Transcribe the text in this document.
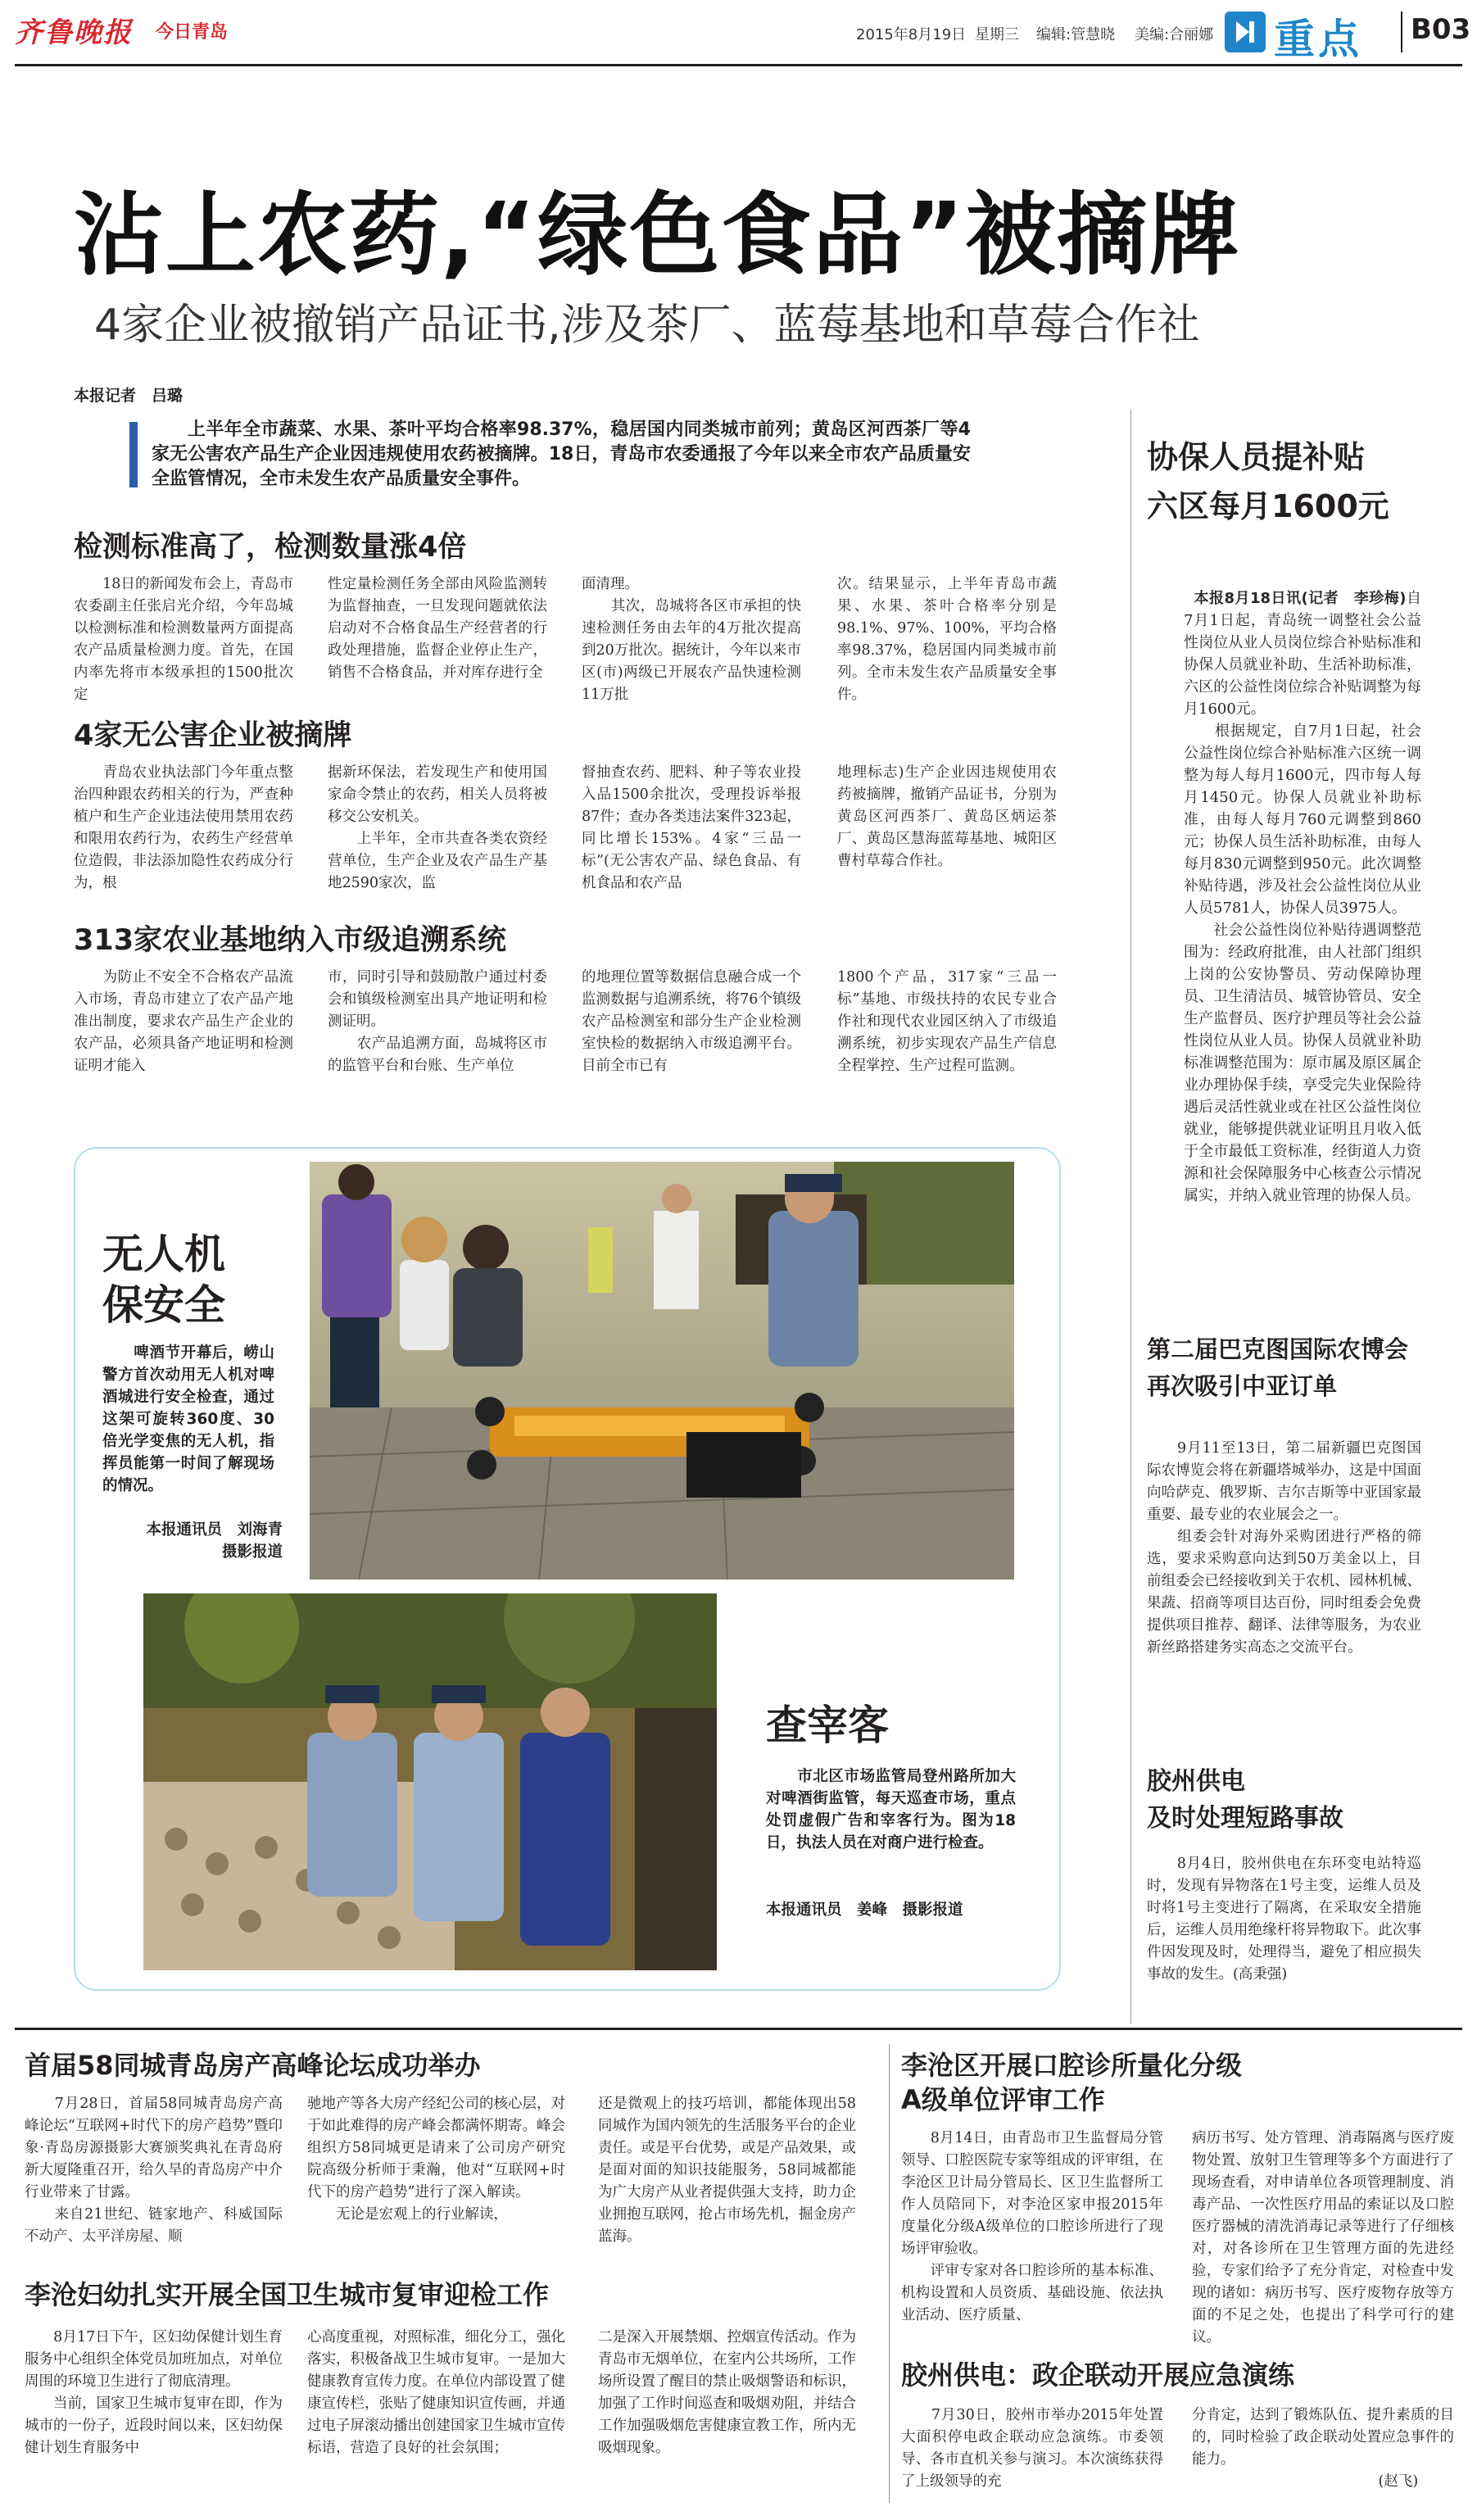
齐鲁晚报 今日青岛	2015年8月19日 星期三 编辑:管慧晓 美编:合丽娜 重点 B03
沾上农药,“绿色食品”被摘牌
4家企业被撤销产品证书,涉及茶厂、蓝莓基地和草莓合作社
本报记者　吕璐
上半年全市蔬菜、水果、茶叶平均合格率98.37%，稳居国内同类城市前列；黄岛区河西茶厂等4家无公害农产品生产企业因违规使用农药被摘牌。18日，青岛市农委通报了今年以来全市农产品质量安全监管情况，全市未发生农产品质量安全事件。
检测标准高了，检测数量涨4倍
　　18日的新闻发布会上，青岛市农委副主任张启光介绍，今年岛城以检测标准和检测数量两方面提高农产品质量检测力度。首先，在国内率先将市本级承担的1500批次定
性定量检测任务全部由风险监测转为监督抽查，一旦发现问题就依法启动对不合格食品生产经营者的行政处理措施，监督企业停止生产，销售不合格食品，并对库存进行全
面清理。
　　其次，岛城将各区市承担的快速检测任务由去年的4万批次提高到20万批次。据统计，今年以来市区(市)两级已开展农产品快速检测11万批
次。结果显示，上半年青岛市蔬果、水果、茶叶合格率分别是98.1%、97%、100%，平均合格率98.37%，稳居国内同类城市前列。全市未发生农产品质量安全事件。
4家无公害企业被摘牌
　　青岛农业执法部门今年重点整治四种跟农药相关的行为，严查种植户和生产企业违法使用禁用农药和限用农药行为，农药生产经营单位造假，非法添加隐性农药成分行为，根
据新环保法，若发现生产和使用国家命令禁止的农药，相关人员将被移交公安机关。
　　上半年，全市共查各类农资经营单位，生产企业及农产品生产基地2590家次，监
督抽查农药、肥料、种子等农业投入品1500余批次，受理投诉举报87件；查办各类违法案件323起，同比增长153%。4家“三品一标”(无公害农产品、绿色食品、有机食品和农产品
地理标志)生产企业因违规使用农药被摘牌，撤销产品证书，分别为黄岛区河西茶厂、黄岛区炳运茶厂、黄岛区慧海蓝莓基地、城阳区曹村草莓合作社。
313家农业基地纳入市级追溯系统
　　为防止不安全不合格农产品流入市场，青岛市建立了农产品产地准出制度，要求农产品生产企业的农产品，必须具备产地证明和检测证明才能入
市，同时引导和鼓励散户通过村委会和镇级检测室出具产地证明和检测证明。
　　农产品追溯方面，岛城将区市的监管平台和台账、生产单位
的地理位置等数据信息融合成一个监测数据与追溯系统，将76个镇级农产品检测室和部分生产企业检测室快检的数据纳入市级追溯平台。目前全市已有
1800个产品，317家“三品一标”基地、市级扶持的农民专业合作社和现代农业园区纳入了市级追溯系统，初步实现农产品生产信息全程掌控、生产过程可监测。
无人机
保安全
　　啤酒节开幕后，崂山警方首次动用无人机对啤酒城进行安全检查，通过这架可旋转360度、30倍光学变焦的无人机，指挥员能第一时间了解现场的情况。
本报通讯员　刘海青
摄影报道
查宰客
　　市北区市场监管局登州路所加大对啤酒街监管，每天巡查市场，重点处罚虚假广告和宰客行为。图为18日，执法人员在对商户进行检查。
本报通讯员　姜峰　摄影报道
协保人员提补贴
六区每月1600元

本报8月18日讯(记者　李珍梅)自7月1日起，青岛统一调整社会公益性岗位从业人员岗位综合补贴标准和协保人员就业补助、生活补助标准，六区的公益性岗位综合补贴调整为每月1600元。
　　根据规定，自7月1日起，社会公益性岗位综合补贴标准六区统一调整为每人每月1600元，四市每人每月1450元。协保人员就业补助标准，由每人每月760元调整到860元；协保人员生活补助标准，由每人每月830元调整到950元。此次调整补贴待遇，涉及社会公益性岗位从业人员5781人，协保人员3975人。
　　社会公益性岗位补贴待遇调整范围为：经政府批准，由人社部门组织上岗的公安协警员、劳动保障协理员、卫生清洁员、城管协管员、安全生产监督员、医疗护理员等社会公益性岗位从业人员。协保人员就业补助标准调整范围为：原市属及原区属企业办理协保手续，享受完失业保险待遇后灵活性就业或在社区公益性岗位就业，能够提供就业证明且月收入低于全市最低工资标准，经街道人力资源和社会保障服务中心核查公示情况属实，并纳入就业管理的协保人员。

第二届巴克图国际农博会
再次吸引中亚订单
　　9月11至13日，第二届新疆巴克图国际农博览会将在新疆塔城举办，这是中国面向哈萨克、俄罗斯、吉尔吉斯等中亚国家最重要、最专业的农业展会之一。
　　组委会针对海外采购团进行严格的筛选，要求采购意向达到50万美金以上，目前组委会已经接收到关于农机、园林机械、果蔬、招商等项目达百份，同时组委会免费提供项目推荐、翻译、法律等服务，为农业新丝路搭建务实高态之交流平台。
胶州供电
及时处理短路事故
　　8月4日，胶州供电在东环变电站特巡时，发现有异物落在1号主变，运维人员及时将1号主变进行了隔离，在采取安全措施后，运维人员用绝缘杆将异物取下。此次事件因发现及时，处理得当，避免了相应损失事故的发生。(高秉强)
首届58同城青岛房产高峰论坛成功举办
　　7月28日，首届58同城青岛房产高峰论坛“互联网+时代下的房产趋势”暨印象·青岛房源摄影大赛颁奖典礼在青岛府新大厦隆重召开，给久旱的青岛房产中介行业带来了甘露。
　　来自21世纪、链家地产、科威国际不动产、太平洋房屋、顺
驰地产等各大房产经纪公司的核心层，对于如此难得的房产峰会都满怀期寄。峰会组织方58同城更是请来了公司房产研究院高级分析师于秉瀚，他对“互联网+时代下的房产趋势”进行了深入解读。
　　无论是宏观上的行业解读，
还是微观上的技巧培训，都能体现出58同城作为国内领先的生活服务平台的企业责任。或是平台优势，或是产品效果，或是面对面的知识技能服务，58同城都能为广大房产从业者提供强大支持，助力企业拥抱互联网，抢占市场先机，掘金房产蓝海。
李沧妇幼扎实开展全国卫生城市复审迎检工作
　　8月17日下午，区妇幼保健计划生育服务中心组织全体党员加班加点，对单位周围的环境卫生进行了彻底清理。
　　当前，国家卫生城市复审在即，作为城市的一份子，近段时间以来，区妇幼保健计划生育服务中
心高度重视，对照标准，细化分工，强化落实，积极备战卫生城市复审。一是加大健康教育宣传力度。在单位内部设置了健康宣传栏，张贴了健康知识宣传画，并通过电子屏滚动播出创建国家卫生城市宣传标语，营造了良好的社会氛围；
二是深入开展禁烟、控烟宣传活动。作为青岛市无烟单位，在室内公共场所，工作场所设置了醒目的禁止吸烟警语和标识，加强了工作时间巡查和吸烟劝阻，并结合工作加强吸烟危害健康宣教工作，所内无吸烟现象。
李沧区开展口腔诊所量化分级
A级单位评审工作
　　8月14日，由青岛市卫生监督局分管领导、口腔医院专家等组成的评审组，在李沧区卫计局分管局长、区卫生监督所工作人员陪同下，对李沧区家申报2015年度量化分级A级单位的口腔诊所进行了现场评审验收。
　　评审专家对各口腔诊所的基本标准、机构设置和人员资质、基础设施、依法执业活动、医疗质量、
病历书写、处方管理、消毒隔离与医疗废物处置、放射卫生管理等多个方面进行了现场查看，对申请单位各项管理制度、消毒产品、一次性医疗用品的索证以及口腔医疗器械的清洗消毒记录等进行了仔细核对，对各诊所在卫生管理方面的先进经验，专家们给予了充分肯定，对检查中发现的诸如：病历书写、医疗废物存放等方面的不足之处，也提出了科学可行的建议。
胶州供电：政企联动开展应急演练
　　7月30日，胶州市举办2015年处置大面积停电政企联动应急演练。市委领导、各市直机关参与演习。本次演练获得了上级领导的充
分肯定，达到了锻炼队伍、提升素质的目的，同时检验了政企联动处置应急事件的能力。
　　　　　　　　　　　　　(赵飞)
